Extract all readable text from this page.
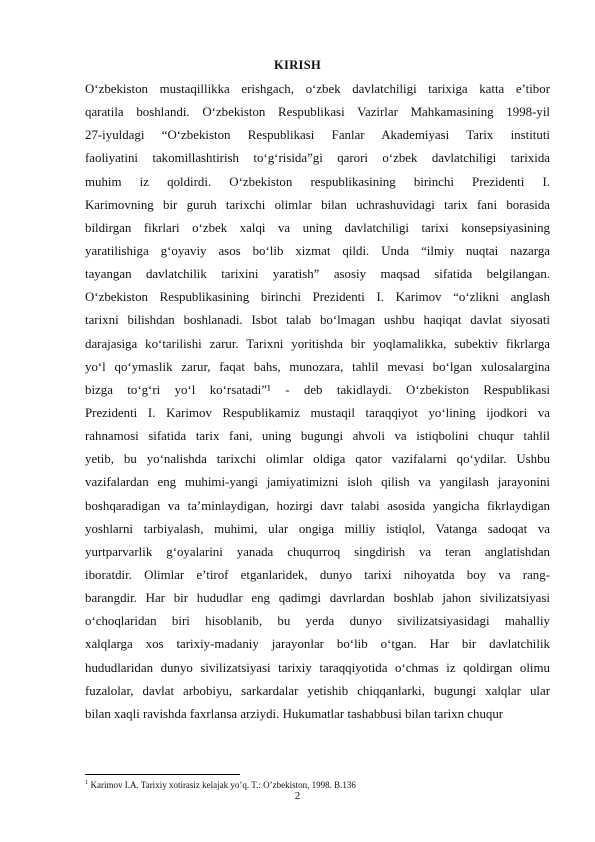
KIRISH
Oʻzbekiston mustaqillikka erishgach, oʻzbek davlatchiligi tarixiga katta e’tibor
qaratila boshlandi. Oʻzbekiston Respublikasi Vazirlar Mahkamasining 1998-yil
27-iyuldagi “Oʻzbekiston Respublikasi Fanlar Akademiyasi Tarix instituti
faoliyatini takomillashtirish toʻgʻrisida”gi qarori oʻzbek davlatchiligi tarixida
muhim iz qoldirdi. Oʻzbekiston respublikasining birinchi Prezidenti I.
Karimovning bir guruh tarixchi olimlar bilan uchrashuvidagi tarix fani borasida
bildirgan fikrlari oʻzbek xalqi va uning davlatchiligi tarixi konsepsiyasining
yaratilishiga gʻoyaviy asos boʻlib xizmat qildi. Unda “ilmiy nuqtai nazarga
tayangan davlatchilik tarixini yaratish” asosiy maqsad sifatida belgilangan.
Oʻzbekiston Respublikasining birinchi Prezidenti I. Karimov “oʻzlikni anglash
tarixni bilishdan boshlanadi. Isbot talab boʻlmagan ushbu haqiqat davlat siyosati
darajasiga koʻtarilishi zarur. Tarixni yoritishda bir yoqlamalikka, subektiv fikrlarga
yoʻl qoʻymaslik zarur, faqat bahs, munozara, tahlil mevasi boʻlgan xulosalargina
bizga toʻgʻri yoʻl koʻrsatadi”¹ - deb takidlaydi. Oʻzbekiston Respublikasi
Prezidenti I. Karimov Respublikamiz mustaqil taraqqiyot yoʻlining ijodkori va
rahnamosi sifatida tarix fani, uning bugungi ahvoli va istiqbolini chuqur tahlil
yetib, bu yoʻnalishda tarixchi olimlar oldiga qator vazifalarni qoʻydilar. Ushbu
vazifalardan eng muhimi-yangi jamiyatimizni isloh qilish va yangilash jarayonini
boshqaradigan va ta’minlaydigan, hozirgi davr talabi asosida yangicha fikrlaydigan
yoshlarni tarbiyalash, muhimi, ular ongiga milliy istiqlol, Vatanga sadoqat va
yurtparvarlik gʻoyalarini yanada chuqurroq singdirish va teran anglatishdan
iboratdir. Olimlar e’tirof etganlaridek, dunyo tarixi nihoyatda boy va rang-
barangdir. Har bir hududlar eng qadimgi davrlardan boshlab jahon sivilizatsiyasi
oʻchoqlaridan biri hisoblanib, bu yerda dunyo sivilizatsiyasidagi mahalliy
xalqlarga xos tarixiy-madaniy jarayonlar boʻlib oʻtgan. Har bir davlatchilik
hududlaridan dunyo sivilizatsiyasi tarixiy taraqqiyotida oʻchmas iz qoldirgan olimu
fuzalolar, davlat arbobiyu, sarkardalar yetishib chiqqanlarki, bugungi xalqlar ular
bilan xaqli ravishda faxrlansa arziydi. Hukumatlar tashabbusi bilan tarixn chuqur
$^1$ Karimov I.A. Tarixiy xotirasiz kelajak yo’q. T.: O’zbekiston, 1998. B.136
2
